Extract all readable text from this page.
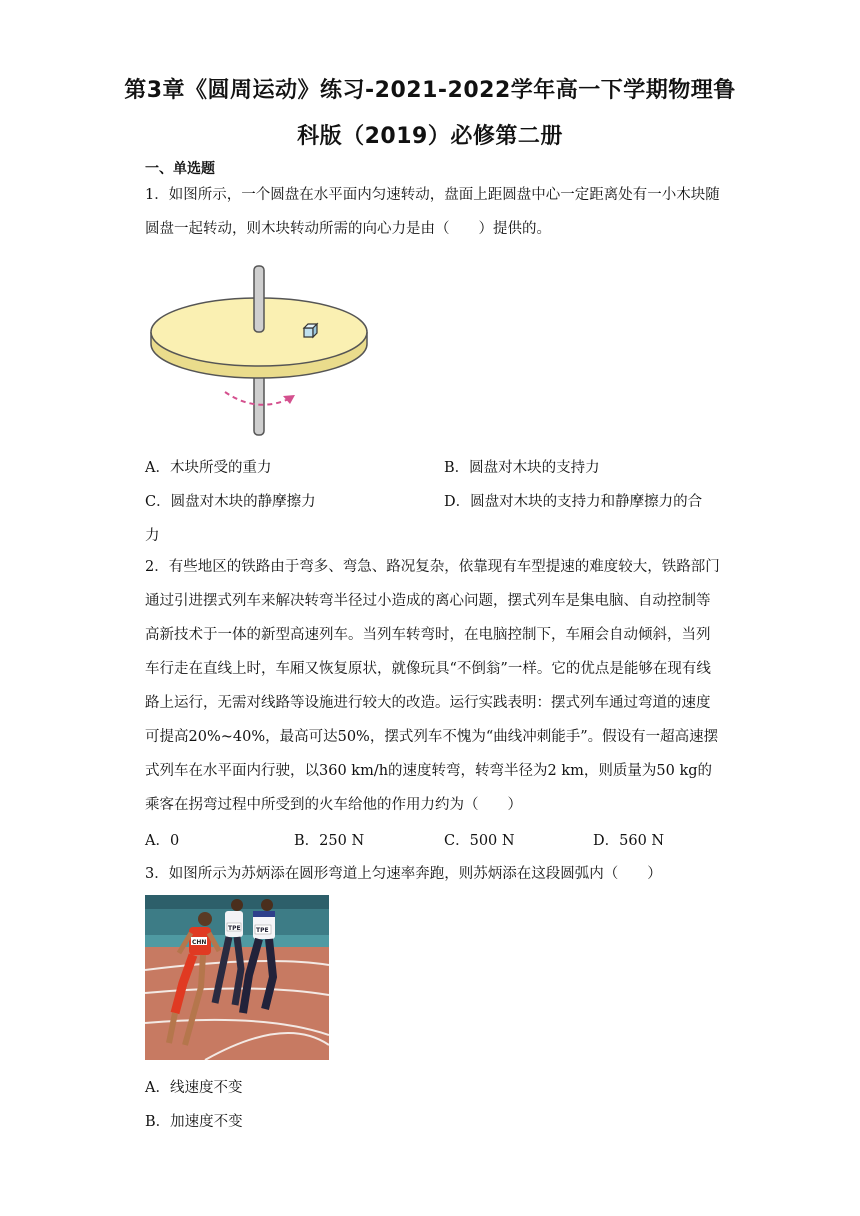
第3章《圆周运动》练习-2021-2022学年高一下学期物理鲁
科版（2019）必修第二册
一、单选题
1．如图所示，一个圆盘在水平面内匀速转动，盘面上距圆盘中心一定距离处有一小木块随圆盘一起转动，则木块转动所需的向心力是由（　　）提供的。
A．木块所受的重力	B．圆盘对木块的支持力
C．圆盘对木块的静摩擦力	D．圆盘对木块的支持力和静摩擦力的合
力
2．有些地区的铁路由于弯多、弯急、路况复杂，依靠现有车型提速的难度较大，铁路部门通过引进摆式列车来解决转弯半径过小造成的离心问题，摆式列车是集电脑、自动控制等高新技术于一体的新型高速列车。当列车转弯时，在电脑控制下，车厢会自动倾斜，当列车行走在直线上时，车厢又恢复原状，就像玩具“不倒翁”一样。它的优点是能够在现有线路上运行，无需对线路等设施进行较大的改造。运行实践表明：摆式列车通过弯道的速度可提高20%~40%，最高可达50%，摆式列车不愧为“曲线冲刺能手”。假设有一超高速摆式列车在水平面内行驶，以360 km/h的速度转弯，转弯半径为2 km，则质量为50 kg的乘客在拐弯过程中所受到的火车给他的作用力约为（　　）
A．0	B．250 N	C．500 N	D．560 N
3．如图所示为苏炳添在圆形弯道上匀速率奔跑，则苏炳添在这段圆弧内（　　）
CHN
TPE	TPE
A．线速度不变
B．加速度不变
